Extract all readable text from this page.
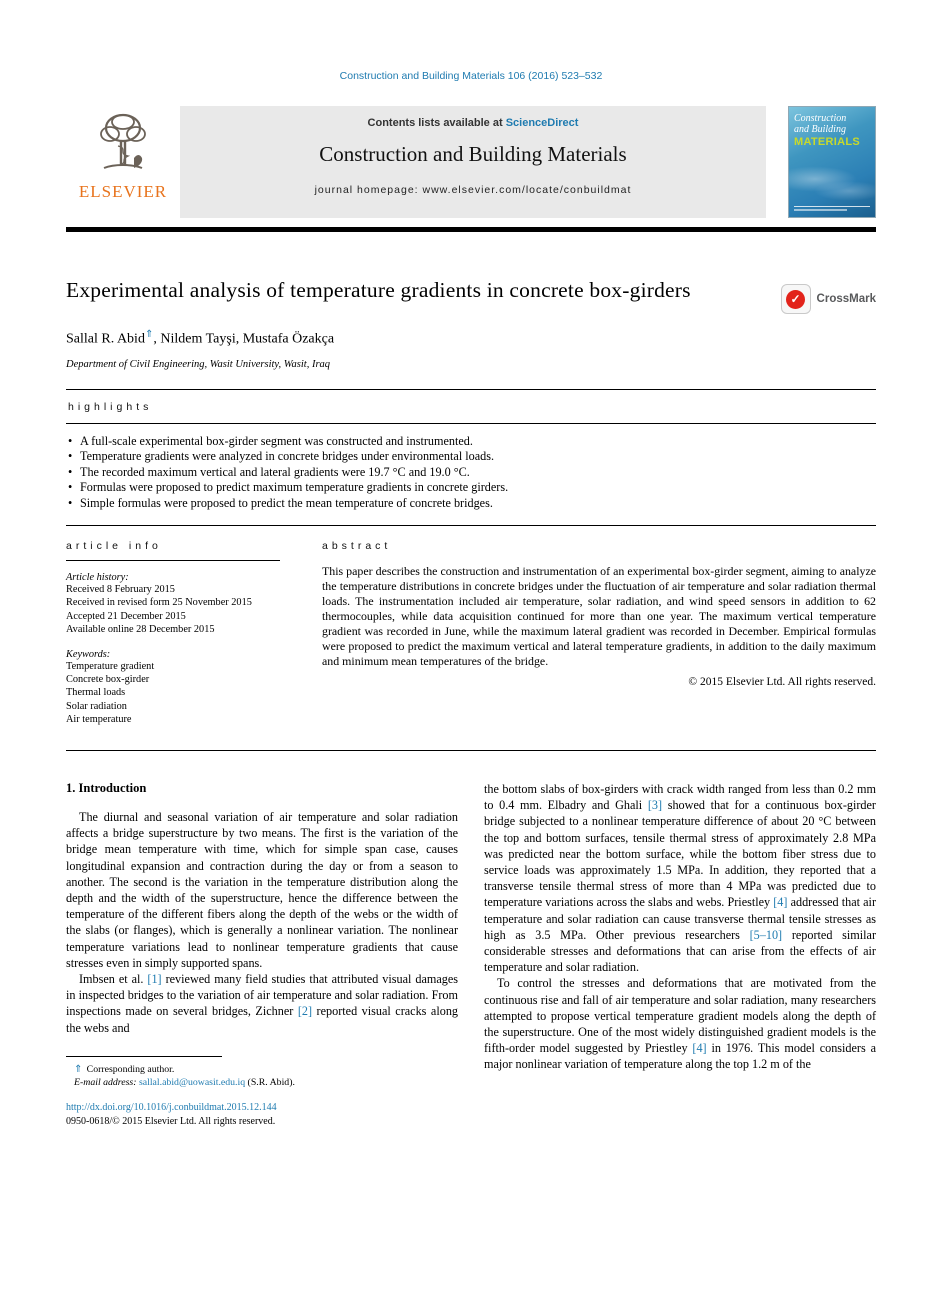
Construction and Building Materials 106 (2016) 523–532
ELSEVIER
Contents lists available at ScienceDirect
Construction and Building Materials
journal homepage: www.elsevier.com/locate/conbuildmat
Construction
and Building
MATERIALS
Experimental analysis of temperature gradients in concrete box-girders	✓	CrossMark
Sallal R. Abid⇑, Nildem Tayşi, Mustafa Özakça
Department of Civil Engineering, Wasit University, Wasit, Iraq
highlights
• A full-scale experimental box-girder segment was constructed and instrumented.
• Temperature gradients were analyzed in concrete bridges under environmental loads.
• The recorded maximum vertical and lateral gradients were 19.7 °C and 19.0 °C.
• Formulas were proposed to predict maximum temperature gradients in concrete girders.
• Simple formulas were proposed to predict the mean temperature of concrete bridges.
article info
Article history:
Received 8 February 2015
Received in revised form 25 November 2015
Accepted 21 December 2015
Available online 28 December 2015
Keywords:
Temperature gradient
Concrete box-girder
Thermal loads
Solar radiation
Air temperature
abstract
This paper describes the construction and instrumentation of an experimental box-girder segment, aiming to analyze the temperature distributions in concrete bridges under the fluctuation of air temperature and solar radiation thermal loads. The instrumentation included air temperature, solar radiation, and wind speed sensors in addition to 62 thermocouples, while data acquisition continued for more than one year. The maximum vertical temperature gradient was recorded in June, while the maximum lateral gradient was recorded in December. Empirical formulas were proposed to predict the maximum vertical and lateral temperature gradients, in addition to the daily maximum and minimum mean temperatures of the bridge.
© 2015 Elsevier Ltd. All rights reserved.
1. Introduction

The diurnal and seasonal variation of air temperature and solar radiation affects a bridge superstructure by two means. The first is the variation of the bridge mean temperature with time, which for simple span case, causes longitudinal expansion and contraction during the day or from a season to another. The second is the variation in the temperature distribution along the depth and the width of the superstructure, hence the difference between the temperature of the different fibers along the depth of the webs or the width of the slabs (or flanges), which is generally a nonlinear variation. The nonlinear temperature variations lead to nonlinear temperature gradients that cause stresses even in simply supported spans.

Imbsen et al. [1] reviewed many field studies that attributed visual damages in inspected bridges to the variation of air temperature and solar radiation. From inspections made on several bridges, Zichner [2] reported visual cracks along the webs and

⇑ Corresponding author.
E-mail address: sallal.abid@uowasit.edu.iq (S.R. Abid).
http://dx.doi.org/10.1016/j.conbuildmat.2015.12.144
0950-0618/© 2015 Elsevier Ltd. All rights reserved.

the bottom slabs of box-girders with crack width ranged from less than 0.2 mm to 0.4 mm. Elbadry and Ghali [3] showed that for a continuous box-girder bridge subjected to a nonlinear temperature difference of about 20 °C between the top and bottom surfaces, tensile thermal stress of approximately 2.8 MPa was predicted near the bottom surface, while the bottom fiber stress due to service loads was approximately 1.5 MPa. In addition, they reported that a transverse tensile thermal stress of more than 4 MPa was predicted due to temperature variations across the slabs and webs. Priestley [4] addressed that air temperature and solar radiation can cause transverse thermal tensile stresses as high as 3.5 MPa. Other previous researchers [5–10] reported similar considerable stresses and deformations that can arise from the effects of air temperature and solar radiation.

To control the stresses and deformations that are motivated from the continuous rise and fall of air temperature and solar radiation, many researchers attempted to propose vertical temperature gradient models along the depth of the superstructure. One of the most widely distinguished gradient models is the fifth-order model suggested by Priestley [4] in 1976. This model considers a major nonlinear variation of temperature along the top 1.2 m of the
